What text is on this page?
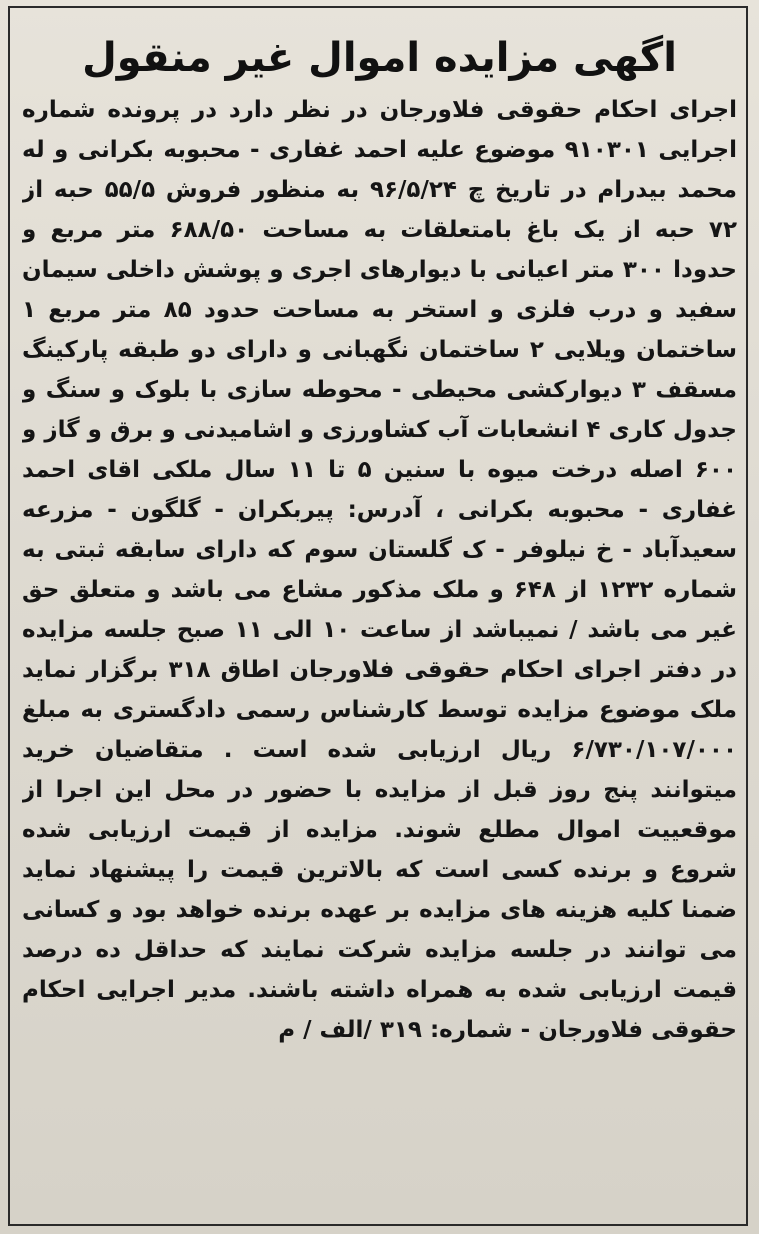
اگهی مزایده اموال غیر منقول
اجرای احکام حقوقی فلاورجان در نظر دارد در پرونده شماره اجرایی ۹۱۰۳۰۱ موضوع علیه احمد غفاری - محبوبه بکرانی و له محمد بیدرام در تاریخ چ ۹۶/۵/۲۴ به منظور فروش ۵۵/۵ حبه از ۷۲ حبه از یک باغ بامتعلقات به مساحت ۶۸۸/۵۰ متر مربع و حدودا ۳۰۰ متر اعیانی با دیوارهای اجری و پوشش داخلی سیمان سفید و درب فلزی و استخر به مساحت حدود ۸۵ متر مربع ۱ ساختمان ویلایی ۲ ساختمان نگهبانی و دارای دو طبقه پارکینگ مسقف ۳ دیوارکشی محیطی - محوطه سازی با بلوک و سنگ و جدول کاری ۴ انشعابات آب کشاورزی و اشامیدنی و برق و گاز و ۶۰۰ اصله درخت میوه با سنین ۵ تا ۱۱ سال ملکی اقای احمد غفاری - محبوبه بکرانی ، آدرس: پیربکران - گلگون - مزرعه سعیدآباد - خ نیلوفر - ک گلستان سوم که دارای سابقه ثبتی به شماره ۱۲۳۲ از ۶۴۸ و ملک مذکور مشاع می باشد و متعلق حق غیر می باشد / نمیباشد از ساعت ۱۰ الی ۱۱ صبح جلسه مزایده در دفتر اجرای احکام حقوقی فلاورجان اطاق ۳۱۸ برگزار نماید ملک موضوع مزایده توسط کارشناس رسمی دادگستری به مبلغ ۶/۷۳۰/۱۰۷/۰۰۰ ریال ارزیابی شده است . متقاضیان خرید میتوانند پنج روز قبل از مزایده با حضور در محل این اجرا از موقعییت اموال مطلع شوند. مزایده از قیمت ارزیابی شده شروع و برنده کسی است که بالاترین قیمت را پیشنهاد نماید ضمنا کلیه هزینه های مزایده بر عهده برنده خواهد بود و کسانی می توانند در جلسه مزایده شرکت نمایند که حداقل ده درصد قیمت ارزیابی شده به همراه داشته باشند. مدیر اجرایی احکام حقوقی فلاورجان - شماره: ۳۱۹ /الف / م
